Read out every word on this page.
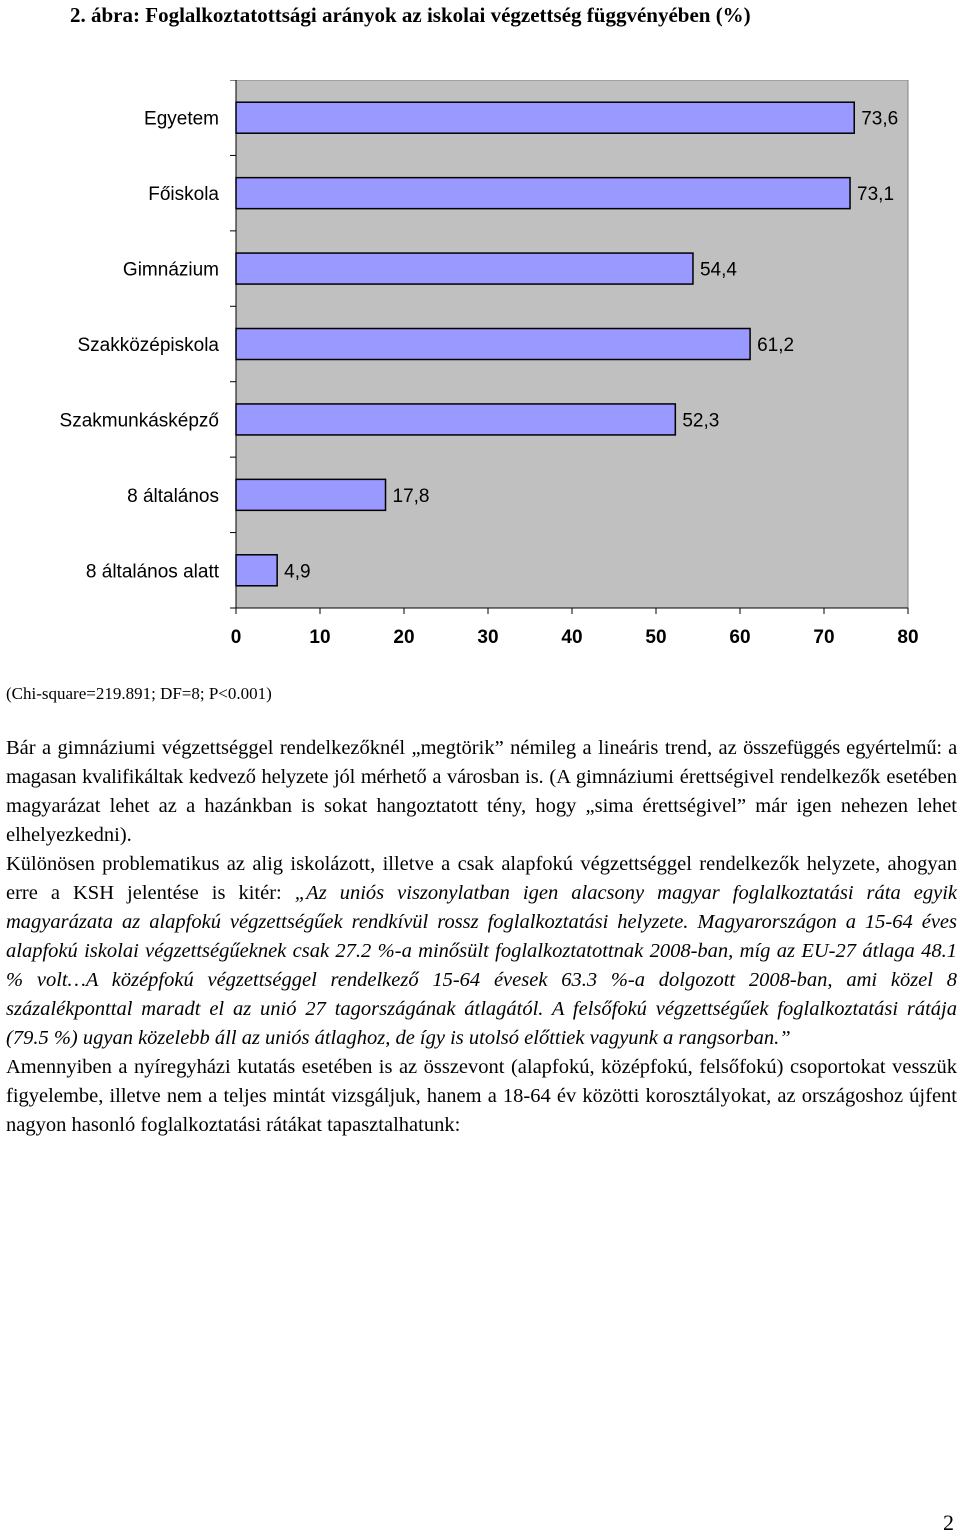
2. ábra: Foglalkoztatottsági arányok az iskolai végzettség függvényében (%)
Egyetem
Főiskola
Gimnázium
Szakközépiskola
Szakmunkásképző
8 általános
8 általános alatt
73,6
73,1
54,4
61,2
52,3
17,8
4,9
0	10	20	30	40	50	60	70	80
(Chi-square=219.891; DF=8; P<0.001)

Bár a gimnáziumi végzettséggel rendelkezőknél „megtörik” némileg a lineáris trend, az összefüggés egyértelmű: a magasan kvalifikáltak kedvező helyzete jól mérhető a városban is. (A gimnáziumi érettségivel rendelkezők esetében magyarázat lehet az a hazánkban is sokat hangoztatott tény, hogy „sima érettségivel” már igen nehezen lehet elhelyezkedni).

Különösen problematikus az alig iskolázott, illetve a csak alapfokú végzettséggel rendelkezők helyzete, ahogyan erre a KSH jelentése is kitér: „Az uniós viszonylatban igen alacsony magyar foglalkoztatási ráta egyik magyarázata az alapfokú végzettségűek rendkívül rossz foglalkoztatási helyzete. Magyarországon a 15-64 éves alapfokú iskolai végzettségűeknek csak 27.2 %-a minősült foglalkoztatottnak 2008-ban, míg az EU-27 átlaga 48.1 % volt…A középfokú végzettséggel rendelkező 15-64 évesek 63.3 %-a dolgozott 2008-ban, ami közel 8 százalékponttal maradt el az unió 27 tagországának átlagától. A felsőfokú végzettségűek foglalkoztatási rátája (79.5 %) ugyan közelebb áll az uniós átlaghoz, de így is utolsó előttiek vagyunk a rangsorban.”

Amennyiben a nyíregyházi kutatás esetében is az összevont (alapfokú, középfokú, felsőfokú) csoportokat vesszük figyelembe, illetve nem a teljes mintát vizsgáljuk, hanem a 18-64 év közötti korosztályokat, az országoshoz újfent nagyon hasonló foglalkoztatási rátákat tapasztalhatunk:

2
